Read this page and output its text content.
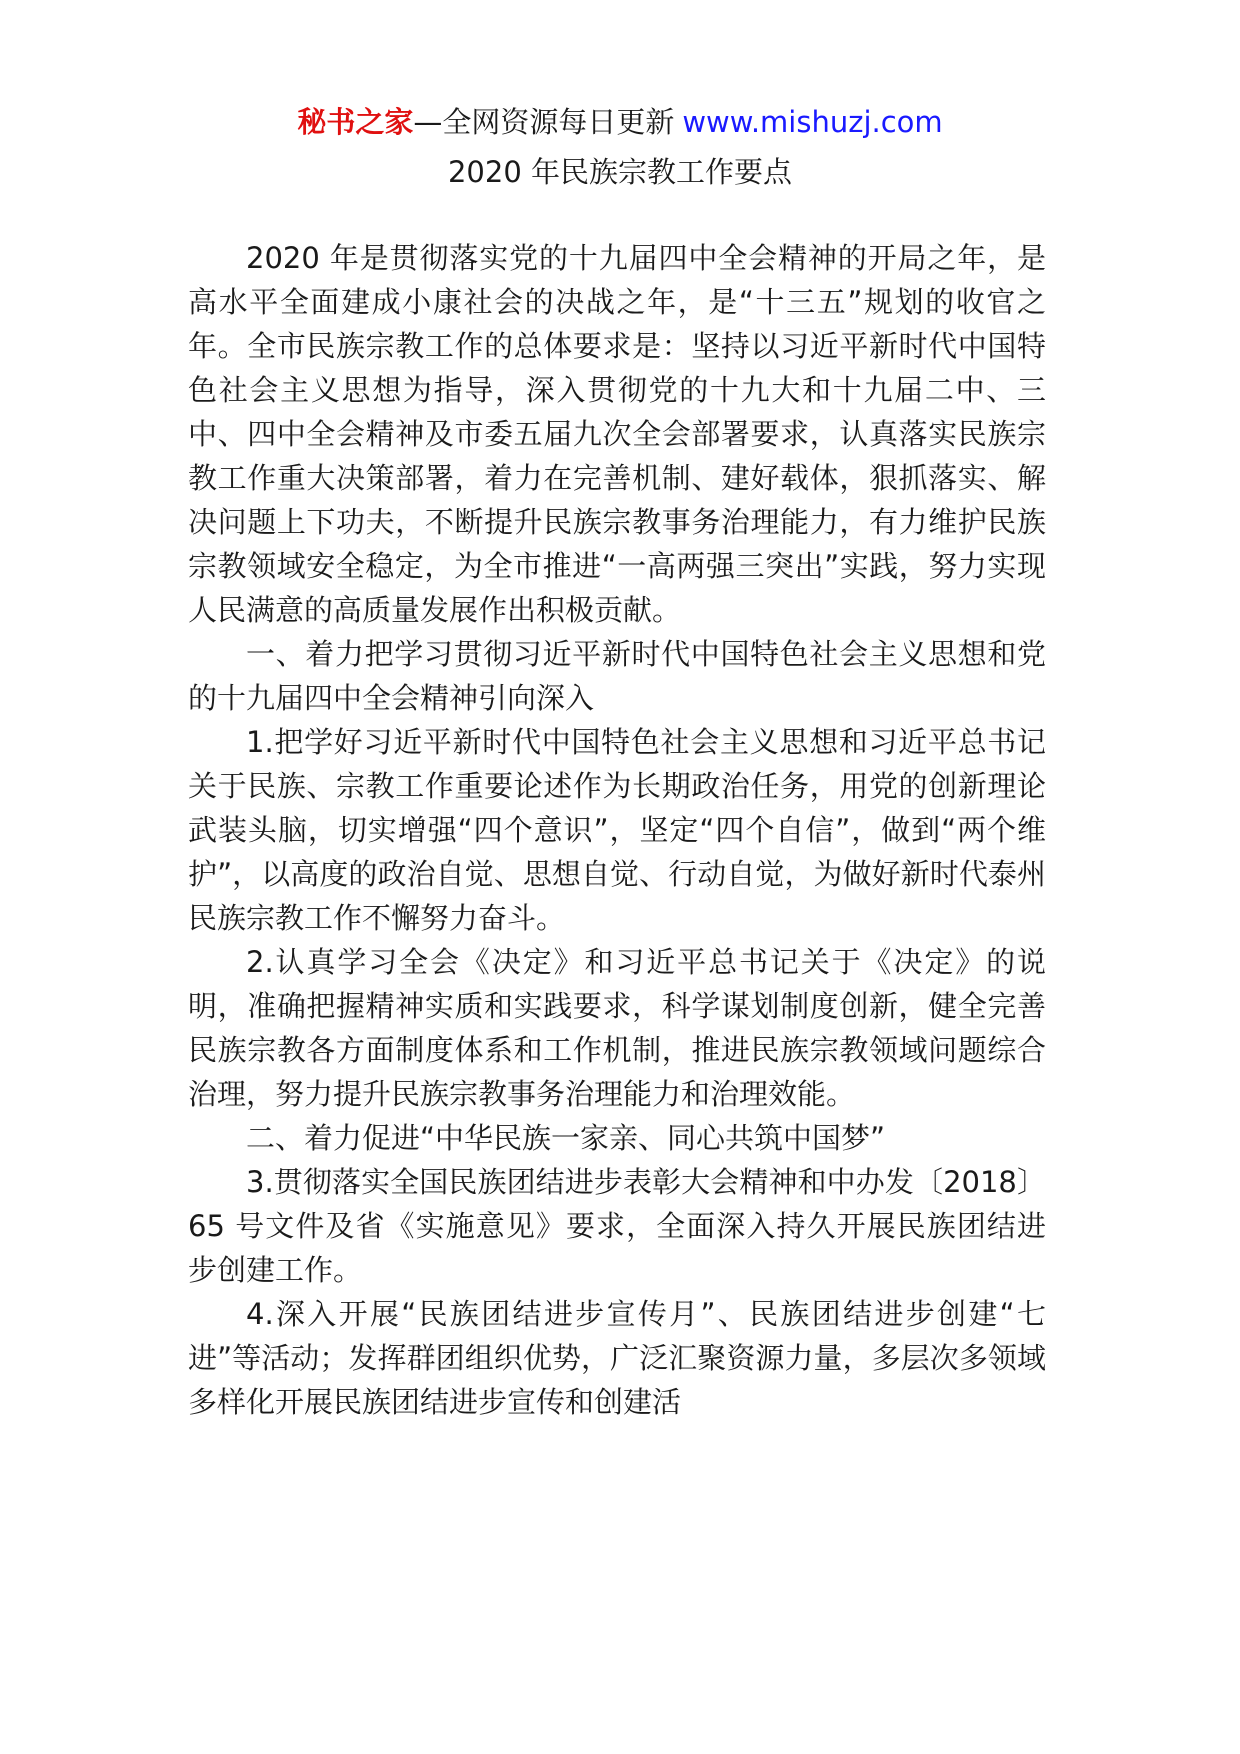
秘书之家—全网资源每日更新 www.mishuzj.com
2020 年民族宗教工作要点

2020 年是贯彻落实党的十九届四中全会精神的开局之年，是高水平全面建成小康社会的决战之年，是“十三五”规划的收官之年。全市民族宗教工作的总体要求是：坚持以习近平新时代中国特色社会主义思想为指导，深入贯彻党的十九大和十九届二中、三中、四中全会精神及市委五届九次全会部署要求，认真落实民族宗教工作重大决策部署，着力在完善机制、建好载体，狠抓落实、解决问题上下功夫，不断提升民族宗教事务治理能力，有力维护民族宗教领域安全稳定，为全市推进“一高两强三突出”实践，努力实现人民满意的高质量发展作出积极贡献。

一、着力把学习贯彻习近平新时代中国特色社会主义思想和党的十九届四中全会精神引向深入

1.把学好习近平新时代中国特色社会主义思想和习近平总书记关于民族、宗教工作重要论述作为长期政治任务，用党的创新理论武装头脑，切实增强“四个意识”，坚定“四个自信”，做到“两个维护”，以高度的政治自觉、思想自觉、行动自觉，为做好新时代泰州民族宗教工作不懈努力奋斗。

2.认真学习全会《决定》和习近平总书记关于《决定》的说明，准确把握精神实质和实践要求，科学谋划制度创新，健全完善民族宗教各方面制度体系和工作机制，推进民族宗教领域问题综合治理，努力提升民族宗教事务治理能力和治理效能。

二、着力促进“中华民族一家亲、同心共筑中国梦”

3.贯彻落实全国民族团结进步表彰大会精神和中办发〔2018〕65 号文件及省《实施意见》要求，全面深入持久开展民族团结进步创建工作。

4.深入开展“民族团结进步宣传月”、民族团结进步创建“七进”等活动；发挥群团组织优势，广泛汇聚资源力量，多层次多领域多样化开展民族团结进步宣传和创建活
